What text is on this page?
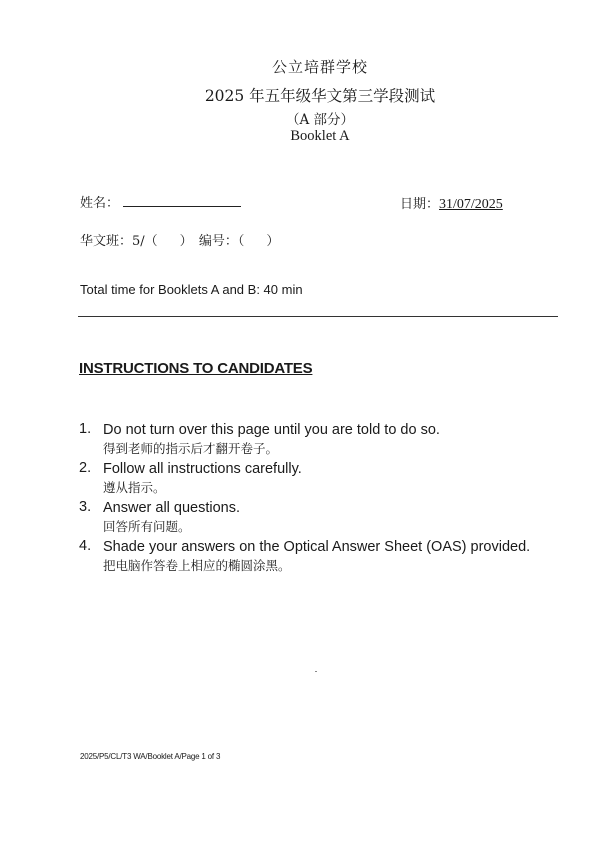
公立培群学校
2025 年五年级华文第三学段测试
（A 部分）
Booklet A
姓名：	日期：31/07/2025
华文班：5/（ ） 编号：（ ）
Total time for Booklets A and B: 40 min
INSTRUCTIONS TO CANDIDATES
1. Do not turn over this page until you are told to do so.
得到老师的指示后才翻开卷子。
2. Follow all instructions carefully.
遵从指示。
3. Answer all questions.
回答所有问题。
4. Shade your answers on the Optical Answer Sheet (OAS) provided.
把电脑作答卷上相应的椭圆涂黑。
2025/P5/CL/T3 WA/Booklet A/Page 1 of 3
